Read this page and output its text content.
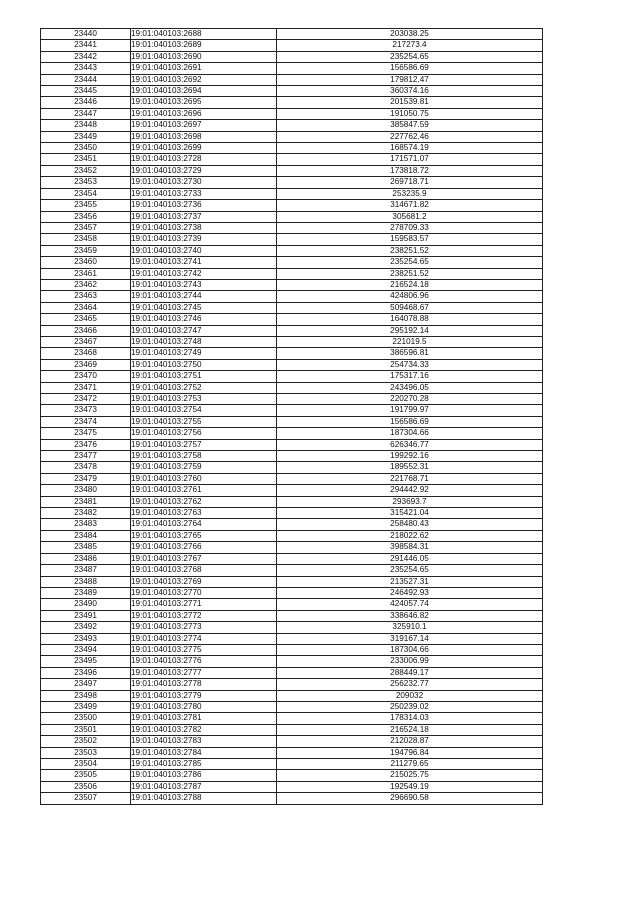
23440	19:01:040103:2688	203038.25
23441	19:01:040103:2689	217273.4
23442	19:01:040103:2690	235254.65
23443	19:01:040103:2691	156586.69
23444	19:01:040103:2692	179812.47
23445	19:01:040103:2694	360374.16
23446	19:01:040103:2695	201539.81
23447	19:01:040103:2696	191050.75
23448	19:01:040103:2697	385847.59
23449	19:01:040103:2698	227762.46
23450	19:01:040103:2699	168574.19
23451	19:01:040103:2728	171571.07
23452	19:01:040103:2729	173818.72
23453	19:01:040103:2730	269718.71
23454	19:01:040103:2733	253235.9
23455	19:01:040103:2736	314671.82
23456	19:01:040103:2737	305681.2
23457	19:01:040103:2738	278709.33
23458	19:01:040103:2739	159583.57
23459	19:01:040103:2740	238251.52
23460	19:01:040103:2741	235254.65
23461	19:01:040103:2742	238251.52
23462	19:01:040103:2743	216524.18
23463	19:01:040103:2744	424806.96
23464	19:01:040103:2745	509468.67
23465	19:01:040103:2746	164078.88
23466	19:01:040103:2747	295192.14
23467	19:01:040103:2748	221019.5
23468	19:01:040103:2749	386596.81
23469	19:01:040103:2750	254734.33
23470	19:01:040103:2751	175317.16
23471	19:01:040103:2752	243496.05
23472	19:01:040103:2753	220270.28
23473	19:01:040103:2754	191799.97
23474	19:01:040103:2755	156586.69
23475	19:01:040103:2756	187304.66
23476	19:01:040103:2757	626346.77
23477	19:01:040103:2758	199292.16
23478	19:01:040103:2759	189552.31
23479	19:01:040103:2760	221768.71
23480	19:01:040103:2761	294442.92
23481	19:01:040103:2762	293693.7
23482	19:01:040103:2763	315421.04
23483	19:01:040103:2764	258480.43
23484	19:01:040103:2765	218022.62
23485	19:01:040103:2766	398584.31
23486	19:01:040103:2767	291446.05
23487	19:01:040103:2768	235254.65
23488	19:01:040103:2769	213527.31
23489	19:01:040103:2770	246492.93
23490	19:01:040103:2771	424057.74
23491	19:01:040103:2772	338646.82
23492	19:01:040103:2773	325910.1
23493	19:01:040103:2774	319167.14
23494	19:01:040103:2775	187304.66
23495	19:01:040103:2776	233006.99
23496	19:01:040103:2777	288449.17
23497	19:01:040103:2778	256232.77
23498	19:01:040103:2779	209032
23499	19:01:040103:2780	250239.02
23500	19:01:040103:2781	178314.03
23501	19:01:040103:2782	216524.18
23502	19:01:040103:2783	212028.87
23503	19:01:040103:2784	194796.84
23504	19:01:040103:2785	211279.65
23505	19:01:040103:2786	215025.75
23506	19:01:040103:2787	192549.19
23507	19:01:040103:2788	296690.58
